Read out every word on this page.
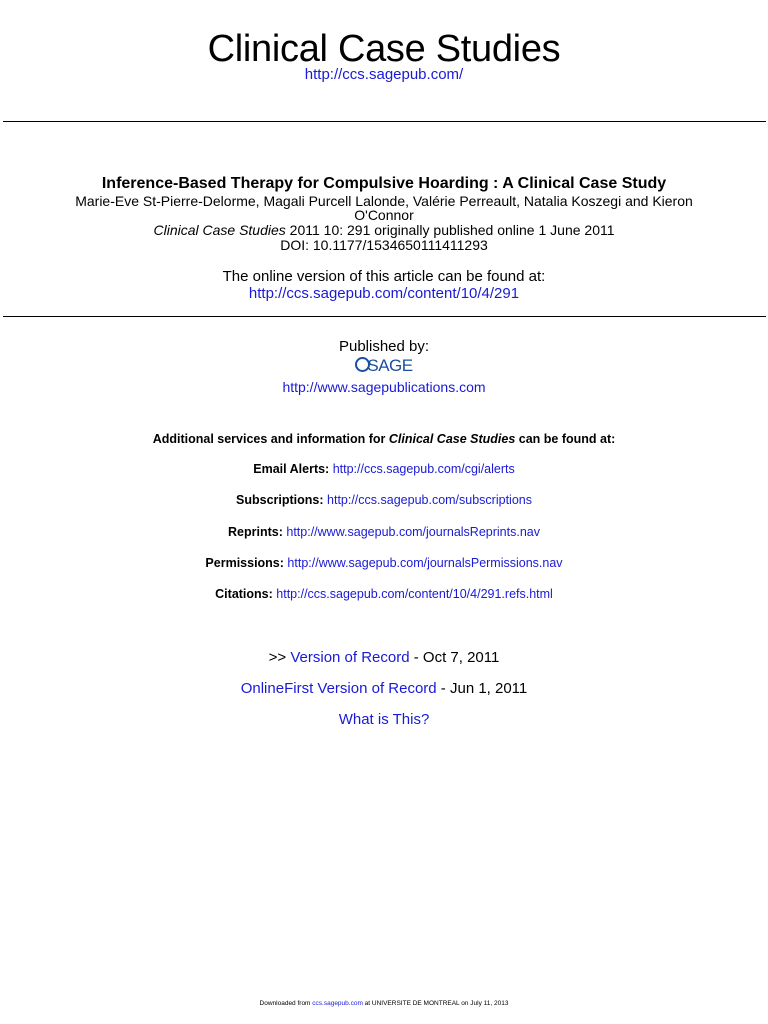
Clinical Case Studies
http://ccs.sagepub.com/
Inference-Based Therapy for Compulsive Hoarding : A Clinical Case Study
Marie-Eve St-Pierre-Delorme, Magali Purcell Lalonde, Valérie Perreault, Natalia Koszegi and Kieron
O'Connor
Clinical Case Studies 2011 10: 291 originally published online 1 June 2011
DOI: 10.1177/1534650111411293
The online version of this article can be found at:
http://ccs.sagepub.com/content/10/4/291
Published by:
SAGE
http://www.sagepublications.com
Additional services and information for Clinical Case Studies can be found at:
Email Alerts: http://ccs.sagepub.com/cgi/alerts
Subscriptions: http://ccs.sagepub.com/subscriptions
Reprints: http://www.sagepub.com/journalsReprints.nav
Permissions: http://www.sagepub.com/journalsPermissions.nav
Citations: http://ccs.sagepub.com/content/10/4/291.refs.html
>> Version of Record - Oct 7, 2011
OnlineFirst Version of Record - Jun 1, 2011
What is This?
Downloaded from ccs.sagepub.com at UNIVERSITE DE MONTREAL on July 11, 2013
